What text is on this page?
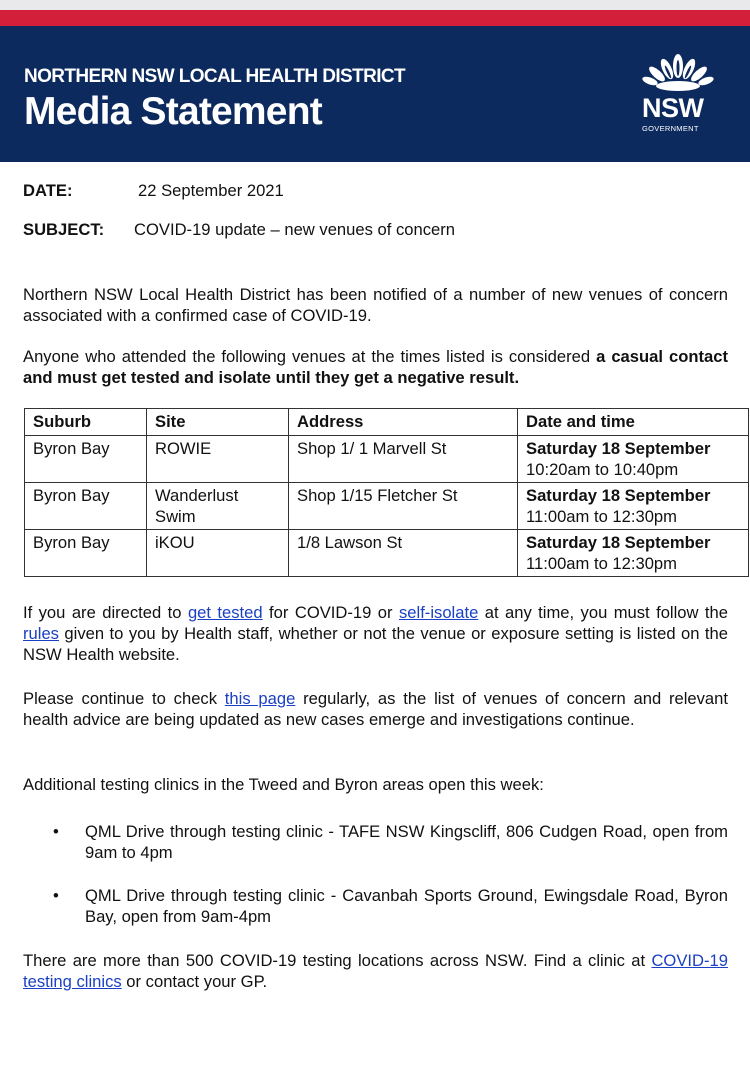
NORTHERN NSW LOCAL HEALTH DISTRICT
Media Statement	NSW
GOVERNMENT
DATE:	22 September 2021
SUBJECT: COVID-19 update – new venues of concern
Northern NSW Local Health District has been notified of a number of new venues of concern associated with a confirmed case of COVID-19.
Anyone who attended the following venues at the times listed is considered a casual contact and must get tested and isolate until they get a negative result.
If you are directed to get tested for COVID-19 or self-isolate at any time, you must follow the rules given to you by Health staff, whether or not the venue or exposure setting is listed on the NSW Health website.
Please continue to check this page regularly, as the list of venues of concern and relevant health advice are being updated as new cases emerge and investigations continue.
Additional testing clinics in the Tweed and Byron areas open this week:
• QML Drive through testing clinic - TAFE NSW Kingscliff, 806 Cudgen Road, open from 9am to 4pm
• QML Drive through testing clinic - Cavanbah Sports Ground, Ewingsdale Road, Byron Bay, open from 9am-4pm
There are more than 500 COVID-19 testing locations across NSW. Find a clinic at COVID-19 testing clinics or contact your GP.
Suburb	Site	Address	Date and time
Byron Bay	ROWIE	Shop 1/ 1 Marvell St	Saturday 18 September
10:20am to 10:40pm
Byron Bay	Wanderlust Swim	Shop 1/15 Fletcher St	Saturday 18 September
11:00am to 12:30pm
Byron Bay	iKOU	1/8 Lawson St	Saturday 18 September
11:00am to 12:30pm
